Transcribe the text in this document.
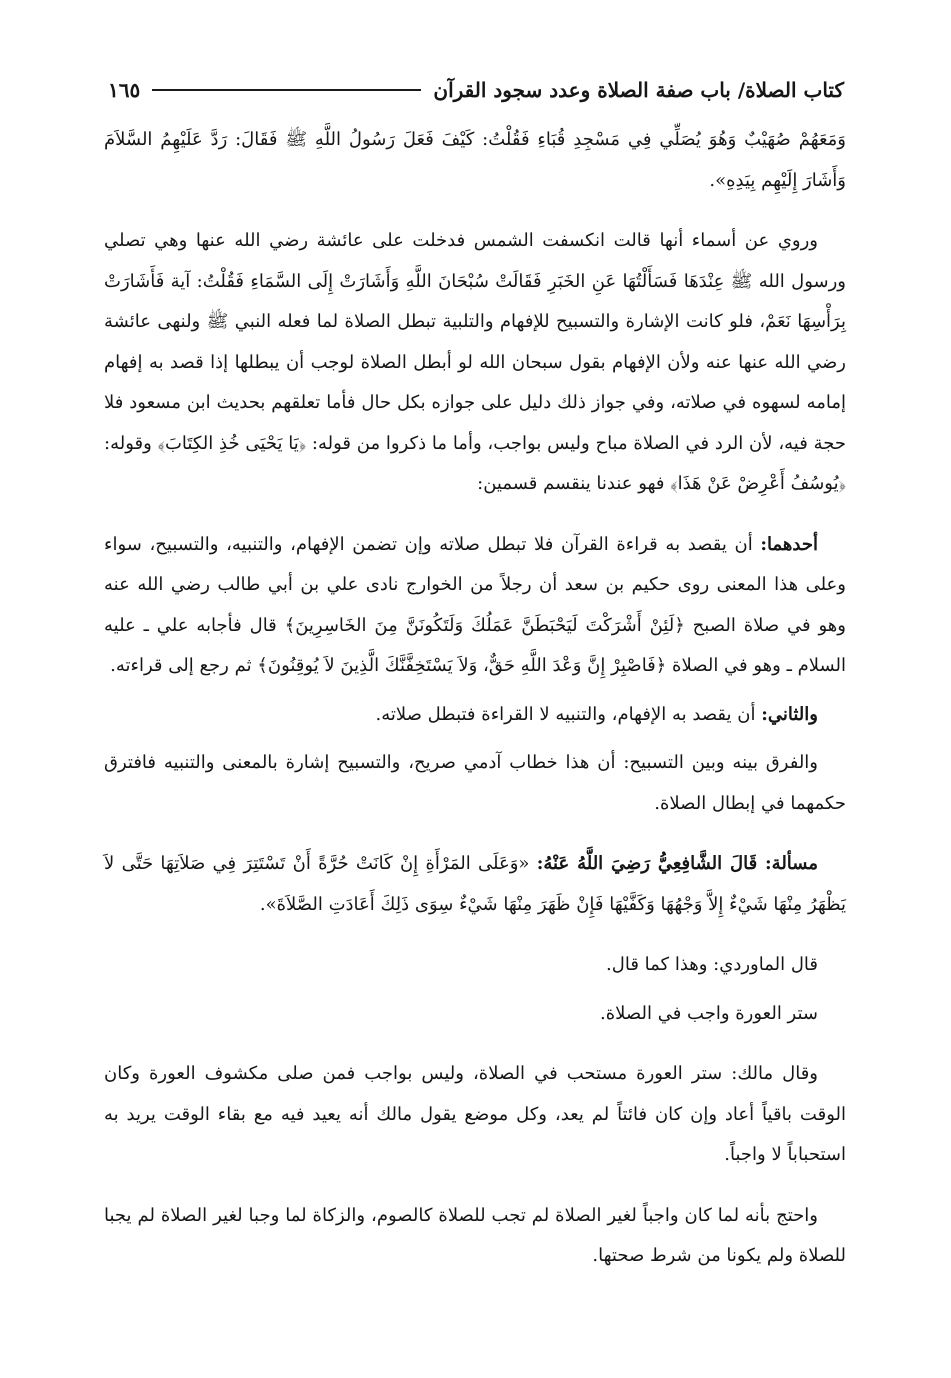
كتاب الصلاة/ باب صفة الصلاة وعدد سجود القرآن
١٦٥

وَمَعَهُمْ صُهَيْبٌ وَهُوَ يُصَلِّي فِي مَسْجِدِ قُبَاءِ فَقُلْتُ: كَيْفَ فَعَلَ رَسُولُ اللَّهِ ﷺ فَقَالَ: رَدَّ عَلَيْهِمُ السَّلاَمَ وَأَشَارَ إِلَيْهِم بِيَدِهِ».

وروي عن أسماء أنها قالت انكسفت الشمس فدخلت على عائشة رضي الله عنها وهي تصلي ورسول الله ﷺ عِنْدَهَا فَسَأَلْتُهَا عَنِ الخَبَرِ فَقَالَتْ سُبْحَانَ اللَّهِ وَأَشَارَتْ إِلَى السَّمَاءِ فَقُلْتُ: آية فَأَشَارَتْ بِرَأْسِهَا نَعَمْ، فلو كانت الإشارة والتسبيح للإفهام والتلبية تبطل الصلاة لما فعله النبي ﷺ ولنهى عائشة رضي الله عنها عنه ولأن الإفهام بقول سبحان الله لو أبطل الصلاة لوجب أن يبطلها إذا قصد به إفهام إمامه لسهوه في صلاته، وفي جواز ذلك دليل على جوازه بكل حال فأما تعلقهم بحديث ابن مسعود فلا حجة فيه، لأن الرد في الصلاة مباح وليس بواجب، وأما ما ذكروا من قوله: ﴿يَا يَحْيَى خُذِ الكِتَابَ﴾ وقوله: ﴿يُوسُفُ أَعْرِضْ عَنْ هَذَا﴾ فهو عندنا ينقسم قسمين:

أحدهما: أن يقصد به قراءة القرآن فلا تبطل صلاته وإن تضمن الإفهام، والتنبيه، والتسبيح، سواء وعلى هذا المعنى روى حكيم بن سعد أن رجلاً من الخوارج نادى علي بن أبي طالب رضي الله عنه وهو في صلاة الصبح ﴿لَئِنْ أَشْرَكْتَ لَيَحْبَطَنَّ عَمَلُكَ وَلَتَكُونَنَّ مِنَ الخَاسِرِينَ﴾ قال فأجابه علي ـ عليه السلام ـ وهو في الصلاة ﴿فَاصْبِرْ إِنَّ وَعْدَ اللَّهِ حَقٌّ، وَلاَ يَسْتَخِفَّنَّكَ الَّذِينَ لاَ يُوقِنُونَ﴾ ثم رجع إلى قراءته.

والثاني: أن يقصد به الإفهام، والتنبيه لا القراءة فتبطل صلاته.

والفرق بينه وبين التسبيح: أن هذا خطاب آدمي صريح، والتسبيح إشارة بالمعنى والتنبيه فافترق حكمهما في إبطال الصلاة.

مسألة: قَالَ الشَّافِعِيُّ رَضِيَ اللَّهُ عَنْهُ: «وَعَلَى المَرْأَةِ إِنْ كَانَتْ حُرَّةً أَنْ تَسْتَتِرَ فِي صَلاَتِهَا حَتَّى لاَ يَظْهَرُ مِنْهَا شَيْءٌ إِلاَّ وَجْهُهَا وَكَفَّيْهَا فَإِنْ ظَهَرَ مِنْهَا شَيْءٌ سِوَى ذَلِكَ أَعَادَتِ الصَّلاَةَ».

قال الماوردي: وهذا كما قال.

ستر العورة واجب في الصلاة.

وقال مالك: ستر العورة مستحب في الصلاة، وليس بواجب فمن صلى مكشوف العورة وكان الوقت باقياً أعاد وإن كان فائتاً لم يعد، وكل موضع يقول مالك أنه يعيد فيه مع بقاء الوقت يريد به استحباباً لا واجباً.

واحتج بأنه لما كان واجباً لغير الصلاة لم تجب للصلاة كالصوم، والزكاة لما وجبا لغير الصلاة لم يجبا للصلاة ولم يكونا من شرط صحتها.
